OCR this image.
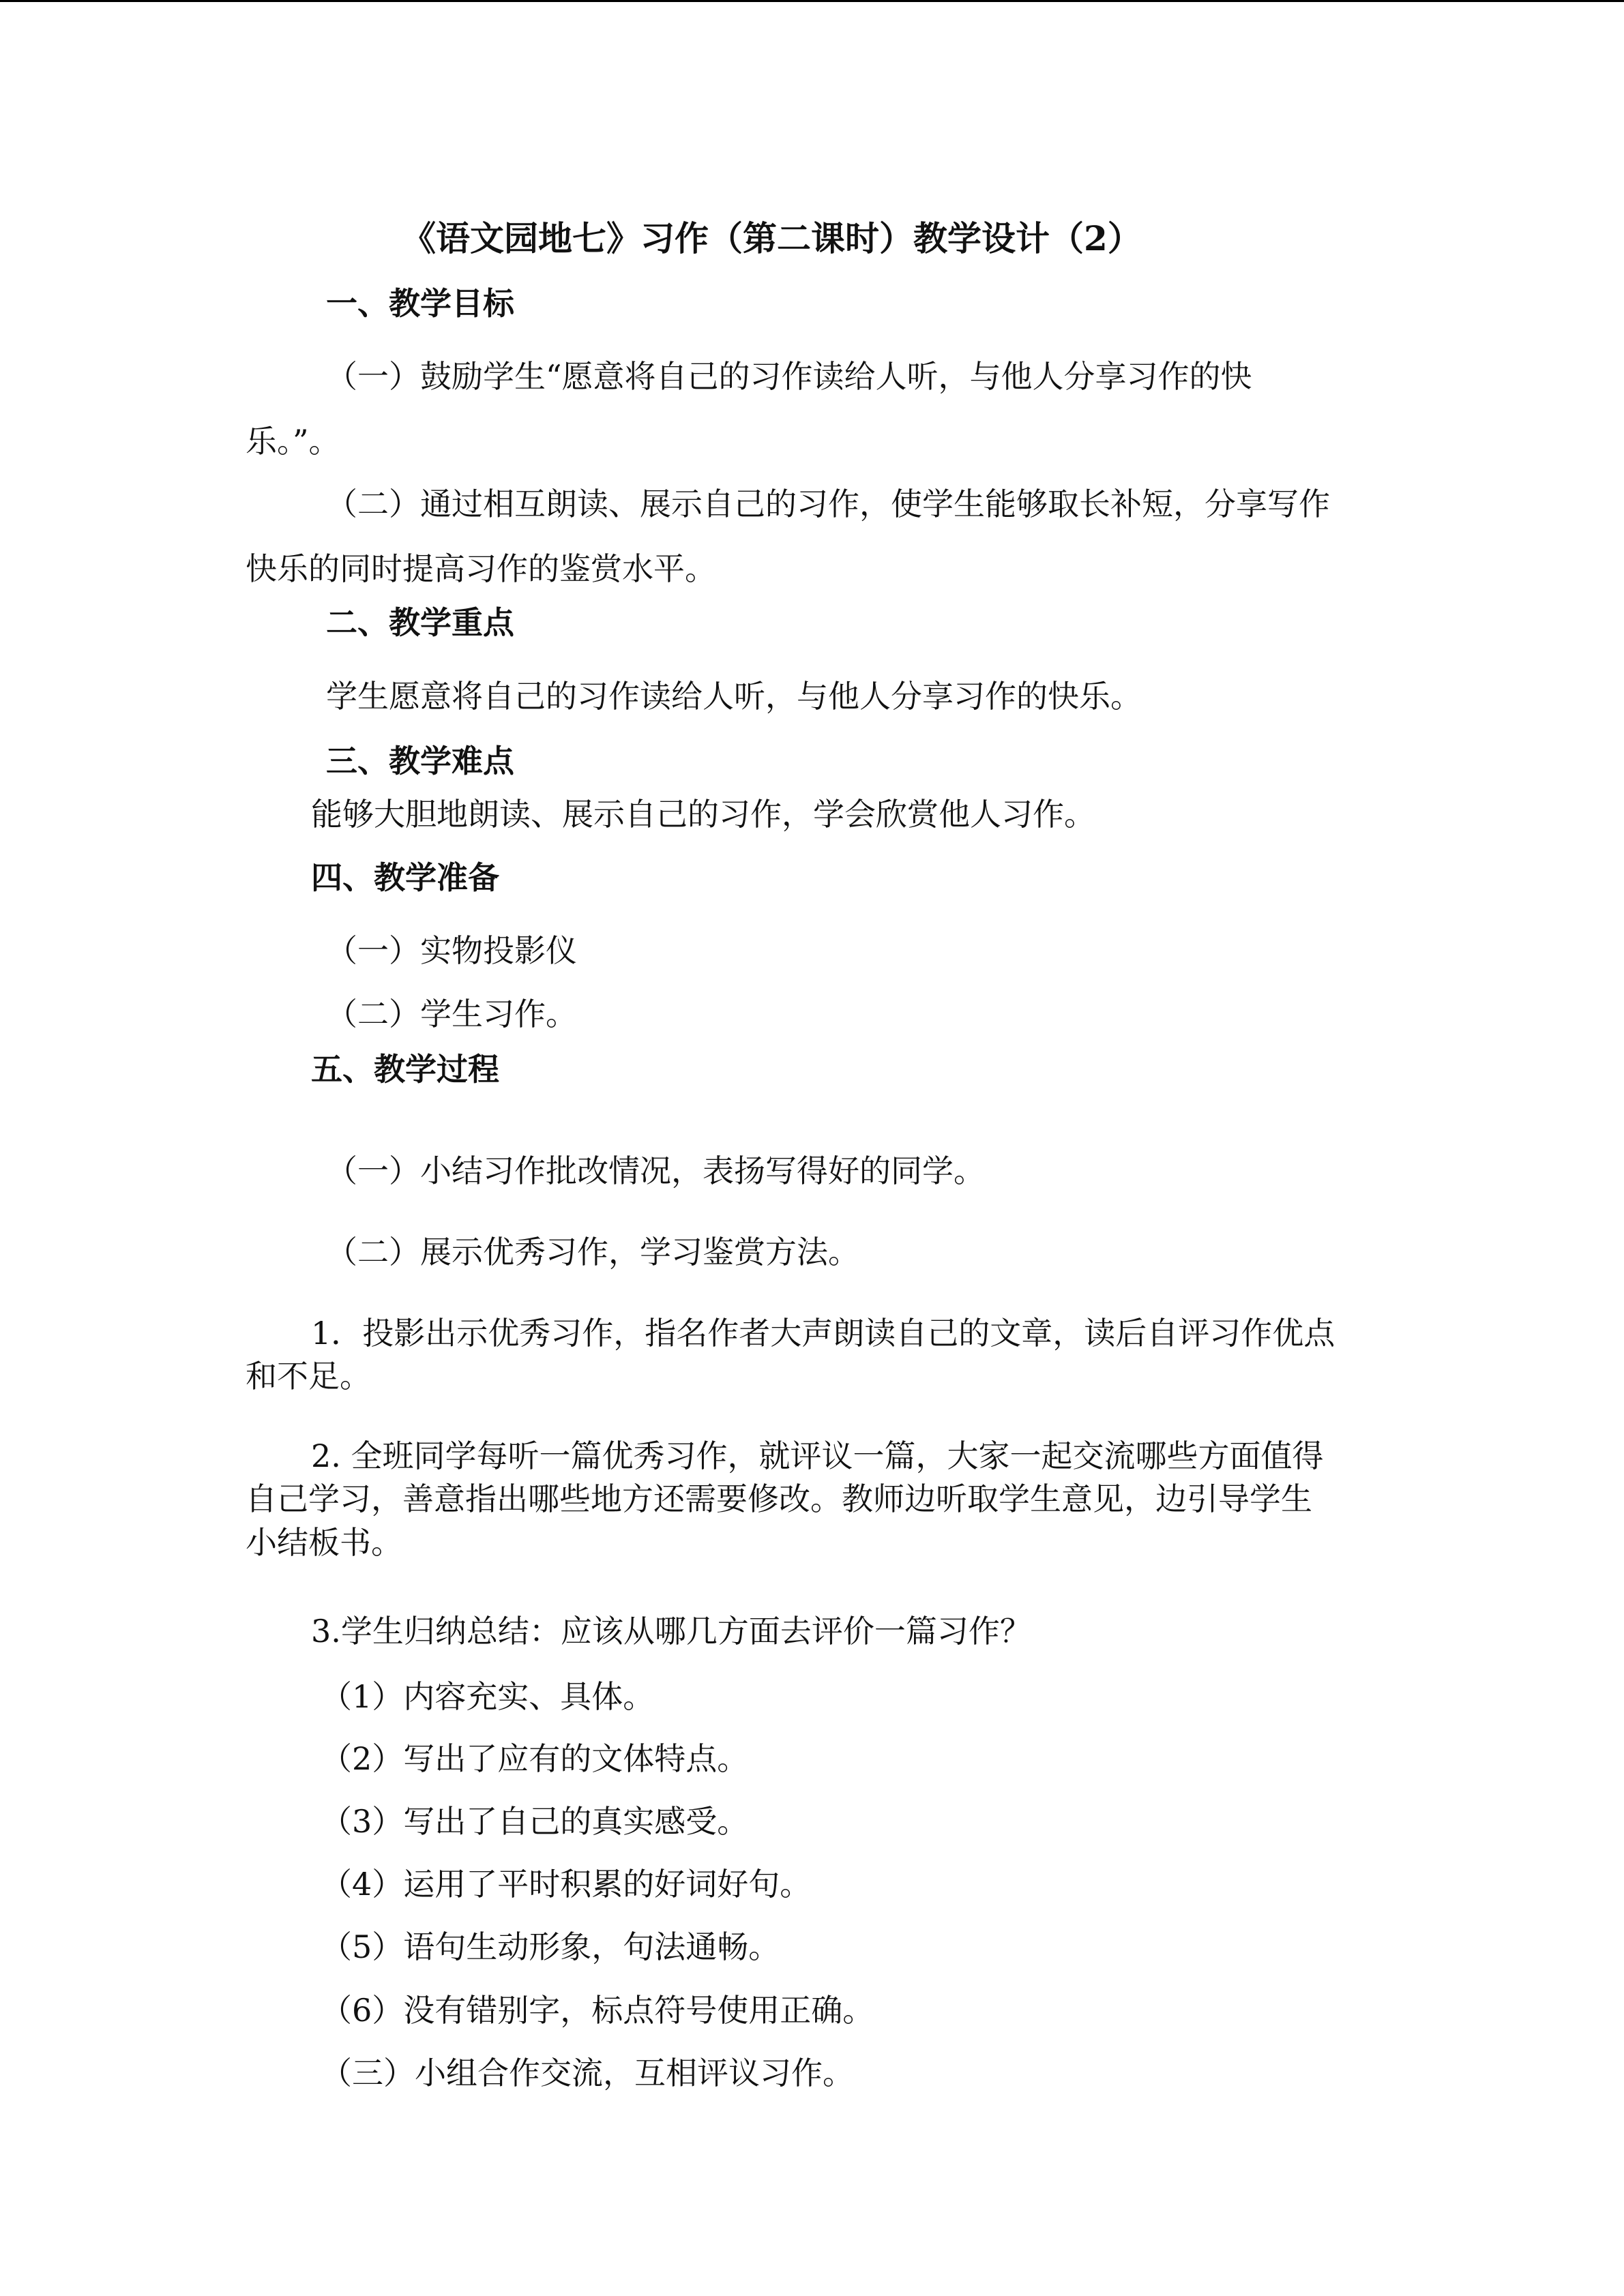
《语文园地七》习作（第二课时）教学设计（2）
一、教学目标
（一）鼓励学生“愿意将自己的习作读给人听，与他人分享习作的快
乐。”。
（二）通过相互朗读、展示自己的习作，使学生能够取长补短，分享写作
快乐的同时提高习作的鉴赏水平。
二、教学重点
学生愿意将自己的习作读给人听，与他人分享习作的快乐。
三、教学难点
能够大胆地朗读、展示自己的习作，学会欣赏他人习作。
四、教学准备
（一）实物投影仪
（二）学生习作。
五、教学过程
（一）小结习作批改情况，表扬写得好的同学。
（二）展示优秀习作，学习鉴赏方法。
1．投影出示优秀习作，指名作者大声朗读自己的文章，读后自评习作优点
和不足。
2. 全班同学每听一篇优秀习作，就评议一篇，大家一起交流哪些方面值得
自己学习，善意指出哪些地方还需要修改。教师边听取学生意见，边引导学生
小结板书。
3.学生归纳总结：应该从哪几方面去评价一篇习作？
（1）内容充实、具体。
（2）写出了应有的文体特点。
（3）写出了自己的真实感受。
（4）运用了平时积累的好词好句。
（5）语句生动形象，句法通畅。
（6）没有错别字，标点符号使用正确。
（三）小组合作交流，互相评议习作。
